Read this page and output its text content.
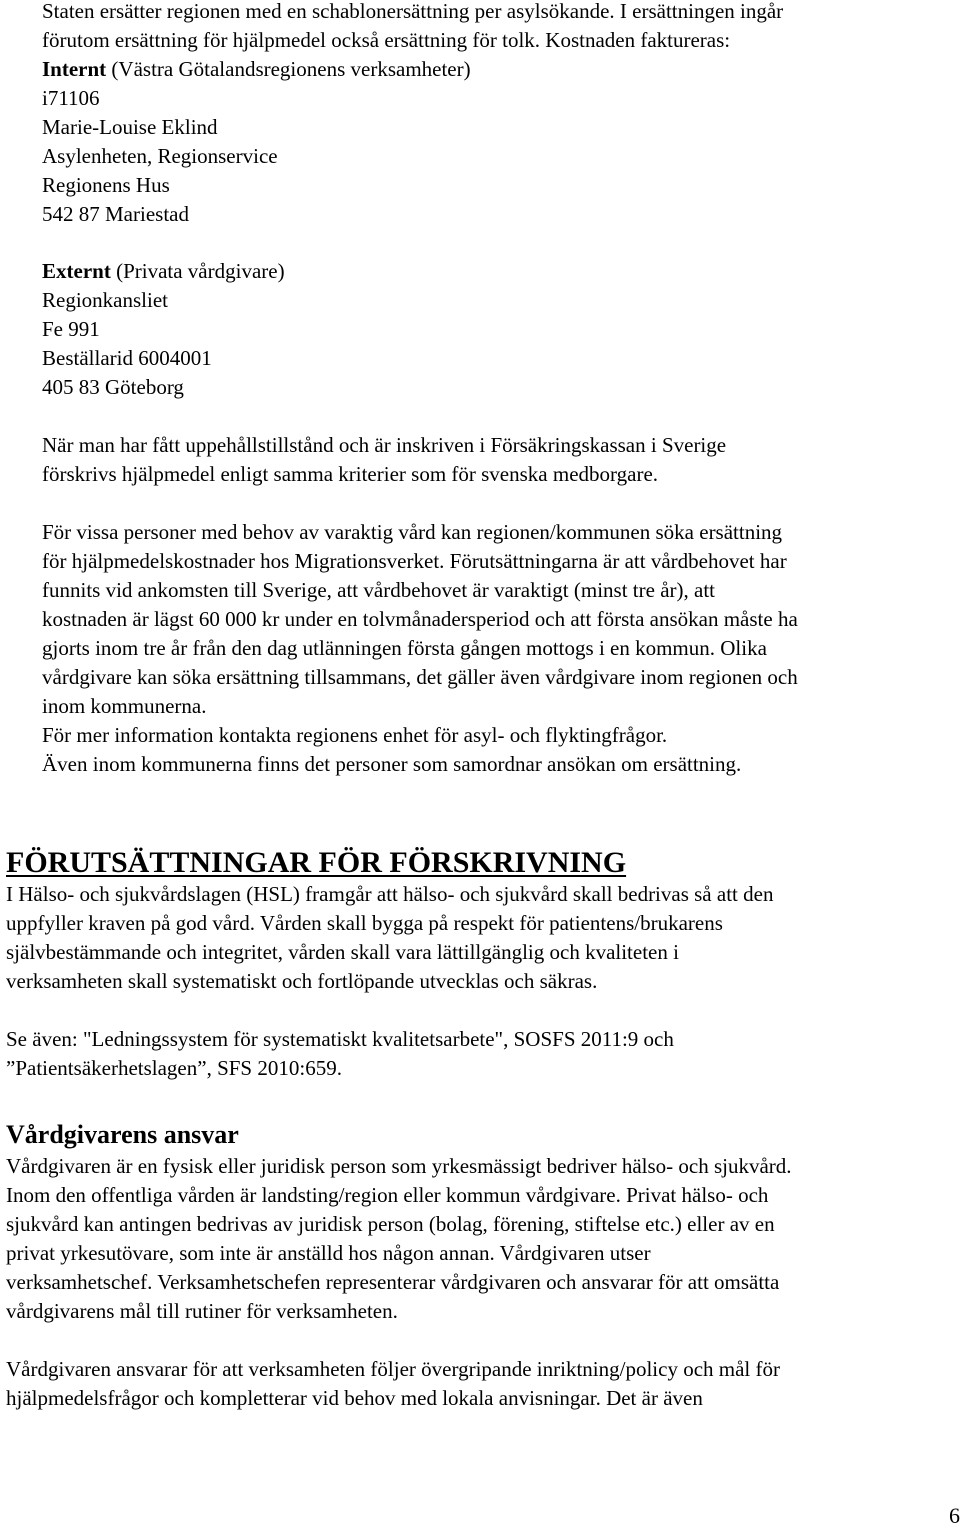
Staten ersätter regionen med en schablonersättning per asylsökande. I ersättningen ingår
förutom ersättning för hjälpmedel också ersättning för tolk. Kostnaden faktureras:
Internt (Västra Götalandsregionens verksamheter)
i71106
Marie-Louise Eklind
Asylenheten, Regionservice
Regionens Hus
542 87 Mariestad
Externt (Privata vårdgivare)
Regionkansliet
Fe 991
Beställarid 6004001
405 83 Göteborg
När man har fått uppehållstillstånd och är inskriven i Försäkringskassan i Sverige
förskrivs hjälpmedel enligt samma kriterier som för svenska medborgare.
För vissa personer med behov av varaktig vård kan regionen/kommunen söka ersättning
för hjälpmedelskostnader hos Migrationsverket. Förutsättningarna är att vårdbehovet har
funnits vid ankomsten till Sverige, att vårdbehovet är varaktigt (minst tre år), att
kostnaden är lägst 60 000 kr under en tolvmånadersperiod och att första ansökan måste ha
gjorts inom tre år från den dag utlänningen första gången mottogs i en kommun. Olika
vårdgivare kan söka ersättning tillsammans, det gäller även vårdgivare inom regionen och
inom kommunerna.
För mer information kontakta regionens enhet för asyl- och flyktingfrågor.
Även inom kommunerna finns det personer som samordnar ansökan om ersättning.
FÖRUTSÄTTNINGAR FÖR FÖRSKRIVNING
I Hälso- och sjukvårdslagen (HSL) framgår att hälso- och sjukvård skall bedrivas så att den
uppfyller kraven på god vård. Vården skall bygga på respekt för patientens/brukarens
självbestämmande och integritet, vården skall vara lättillgänglig och kvaliteten i
verksamheten skall systematiskt och fortlöpande utvecklas och säkras.
Se även: "Ledningssystem för systematiskt kvalitetsarbete", SOSFS 2011:9 och
”Patientsäkerhetslagen”, SFS 2010:659.
Vårdgivarens ansvar
Vårdgivaren är en fysisk eller juridisk person som yrkesmässigt bedriver hälso- och sjukvård.
Inom den offentliga vården är landsting/region eller kommun vårdgivare. Privat hälso- och
sjukvård kan antingen bedrivas av juridisk person (bolag, förening, stiftelse etc.) eller av en
privat yrkesutövare, som inte är anställd hos någon annan. Vårdgivaren utser
verksamhetschef. Verksamhetschefen representerar vårdgivaren och ansvarar för att omsätta
vårdgivarens mål till rutiner för verksamheten.
Vårdgivaren ansvarar för att verksamheten följer övergripande inriktning/policy och mål för
hjälpmedelsfrågor och kompletterar vid behov med lokala anvisningar. Det är även
6
